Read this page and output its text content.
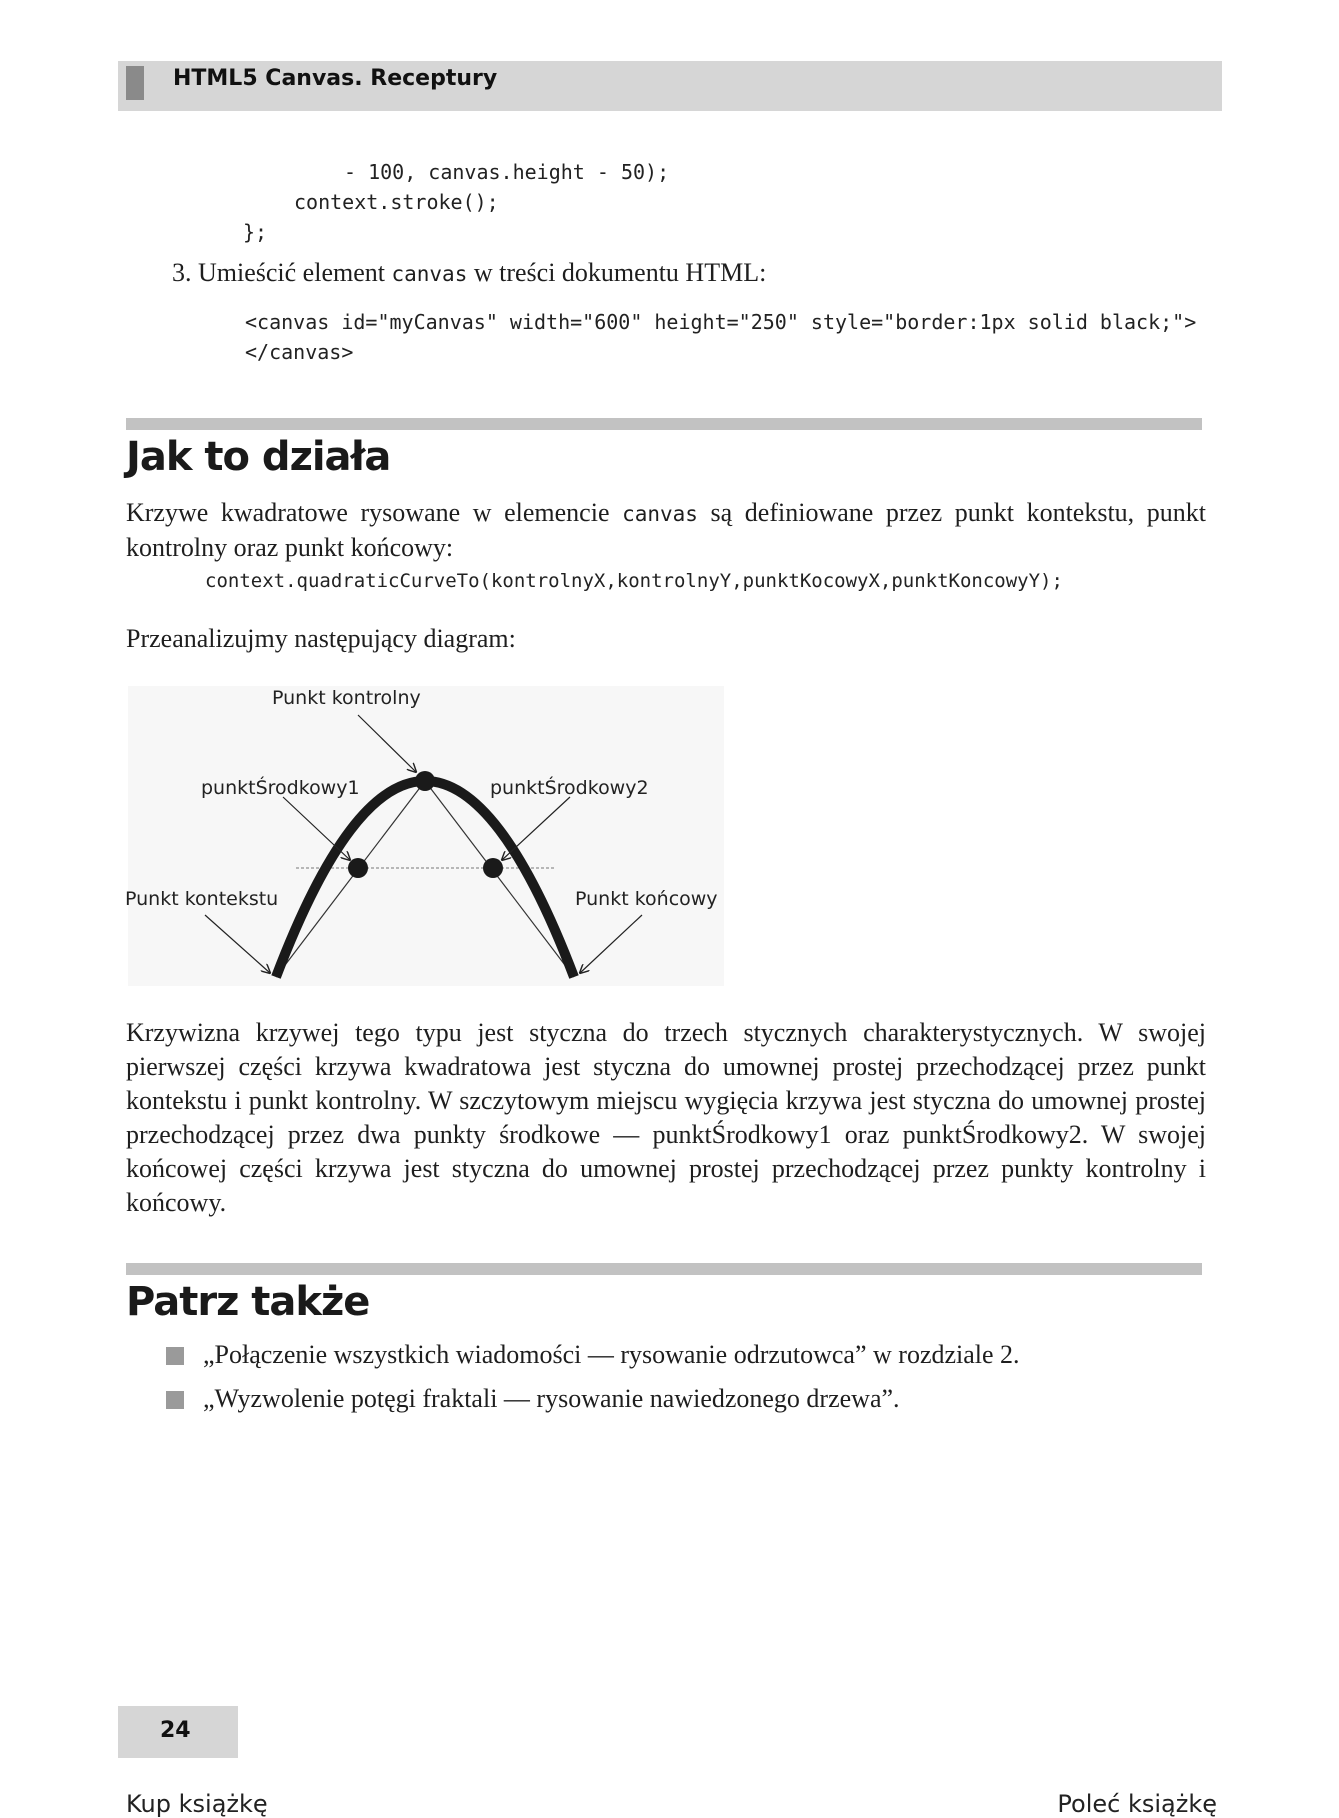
HTML5 Canvas. Receptury
- 100, canvas.height - 50);
context.stroke();
};
3. Umieścić element canvas w treści dokumentu HTML:
<canvas id="myCanvas" width="600" height="250" style="border:1px solid black;">
</canvas>
Jak to działa
Krzywe kwadratowe rysowane w elemencie canvas są definiowane przez punkt kontekstu, punkt kontrolny oraz punkt końcowy:
context.quadraticCurveTo(kontrolnyX,kontrolnyY,punktKocowyX,punktKoncowyY);
Przeanalizujmy następujący diagram:
Punkt kontrolny
punktŚrodkowy1	punktŚrodkowy2
Punkt kontekstu	Punkt końcowy
Krzywizna krzywej tego typu jest styczna do trzech stycznych charakterystycznych. W swojej pierwszej części krzywa kwadratowa jest styczna do umownej prostej przechodzącej przez punkt kontekstu i punkt kontrolny. W szczytowym miejscu wygięcia krzywa jest styczna do umownej prostej przechodzącej przez dwa punkty środkowe — punktŚrodkowy1 oraz punktŚrodkowy2. W swojej końcowej części krzywa jest styczna do umownej prostej przechodzącej przez punkty kontrolny i końcowy.
Patrz także
„Połączenie wszystkich wiadomości — rysowanie odrzutowca” w rozdziale 2.
„Wyzwolenie potęgi fraktali — rysowanie nawiedzonego drzewa”.
24
Kup książkę	Poleć książkę
